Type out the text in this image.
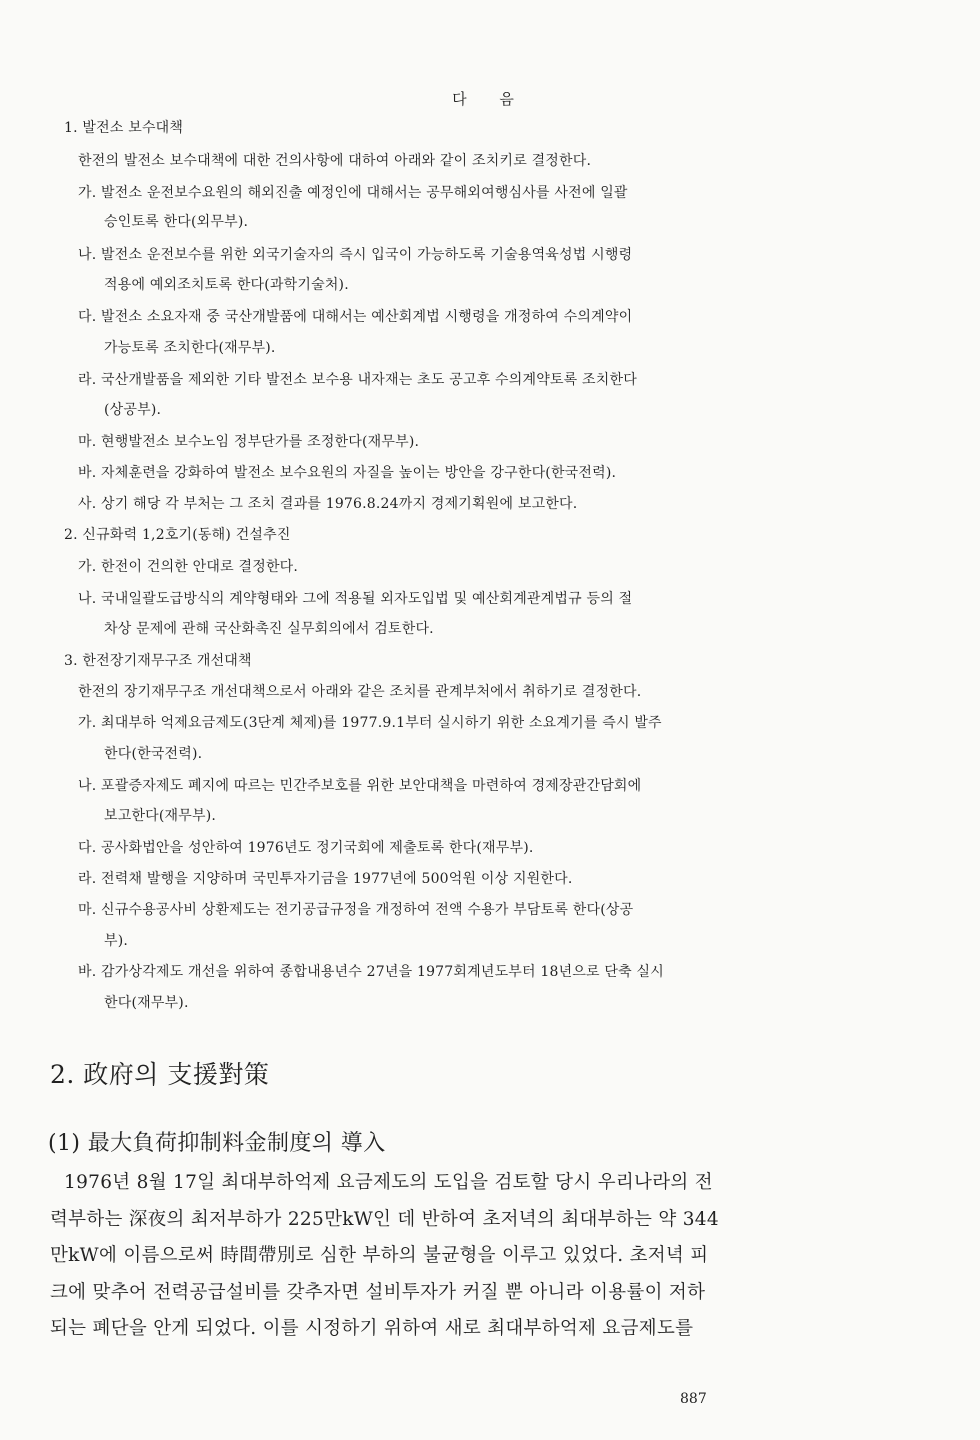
다 음
1. 발전소 보수대책
한전의 발전소 보수대책에 대한 건의사항에 대하여 아래와 같이 조치키로 결정한다.
가. 발전소 운전보수요원의 해외진출 예정인에 대해서는 공무해외여행심사를 사전에 일괄
승인토록 한다(외무부).
나. 발전소 운전보수를 위한 외국기술자의 즉시 입국이 가능하도록 기술용역육성법 시행령
적용에 예외조치토록 한다(과학기술처).
다. 발전소 소요자재 중 국산개발품에 대해서는 예산회계법 시행령을 개정하여 수의계약이
가능토록 조치한다(재무부).
라. 국산개발품을 제외한 기타 발전소 보수용 내자재는 초도 공고후 수의계약토록 조치한다
(상공부).
마. 현행발전소 보수노임 정부단가를 조정한다(재무부).
바. 자체훈련을 강화하여 발전소 보수요원의 자질을 높이는 방안을 강구한다(한국전력).
사. 상기 해당 각 부처는 그 조치 결과를 1976.8.24까지 경제기획원에 보고한다.
2. 신규화력 1,2호기(동해) 건설추진
가. 한전이 건의한 안대로 결정한다.
나. 국내일괄도급방식의 계약형태와 그에 적용될 외자도입법 및 예산회계관계법규 등의 절
차상 문제에 관해 국산화촉진 실무회의에서 검토한다.
3. 한전장기재무구조 개선대책
한전의 장기재무구조 개선대책으로서 아래와 같은 조치를 관계부처에서 취하기로 결정한다.
가. 최대부하 억제요금제도(3단계 체제)를 1977.9.1부터 실시하기 위한 소요계기를 즉시 발주
한다(한국전력).
나. 포괄증자제도 폐지에 따르는 민간주보호를 위한 보안대책을 마련하여 경제장관간담회에
보고한다(재무부).
다. 공사화법안을 성안하여 1976년도 정기국회에 제출토록 한다(재무부).
라. 전력채 발행을 지양하며 국민투자기금을 1977년에 500억원 이상 지원한다.
마. 신규수용공사비 상환제도는 전기공급규정을 개정하여 전액 수용가 부담토록 한다(상공
부).
바. 감가상각제도 개선을 위하여 종합내용년수 27년을 1977회계년도부터 18년으로 단축 실시
한다(재무부).
2. 政府의 支援對策
(1) 最大負荷抑制料金制度의 導入
1976년 8월 17일 최대부하억제 요금제도의 도입을 검토할 당시 우리나라의 전
력부하는 深夜의 최저부하가 225만kW인 데 반하여 초저녁의 최대부하는 약 344
만kW에 이름으로써 時間帶別로 심한 부하의 불균형을 이루고 있었다. 초저녁 피
크에 맞추어 전력공급설비를 갖추자면 설비투자가 커질 뿐 아니라 이용률이 저하
되는 폐단을 안게 되었다. 이를 시정하기 위하여 새로 최대부하억제 요금제도를
887
